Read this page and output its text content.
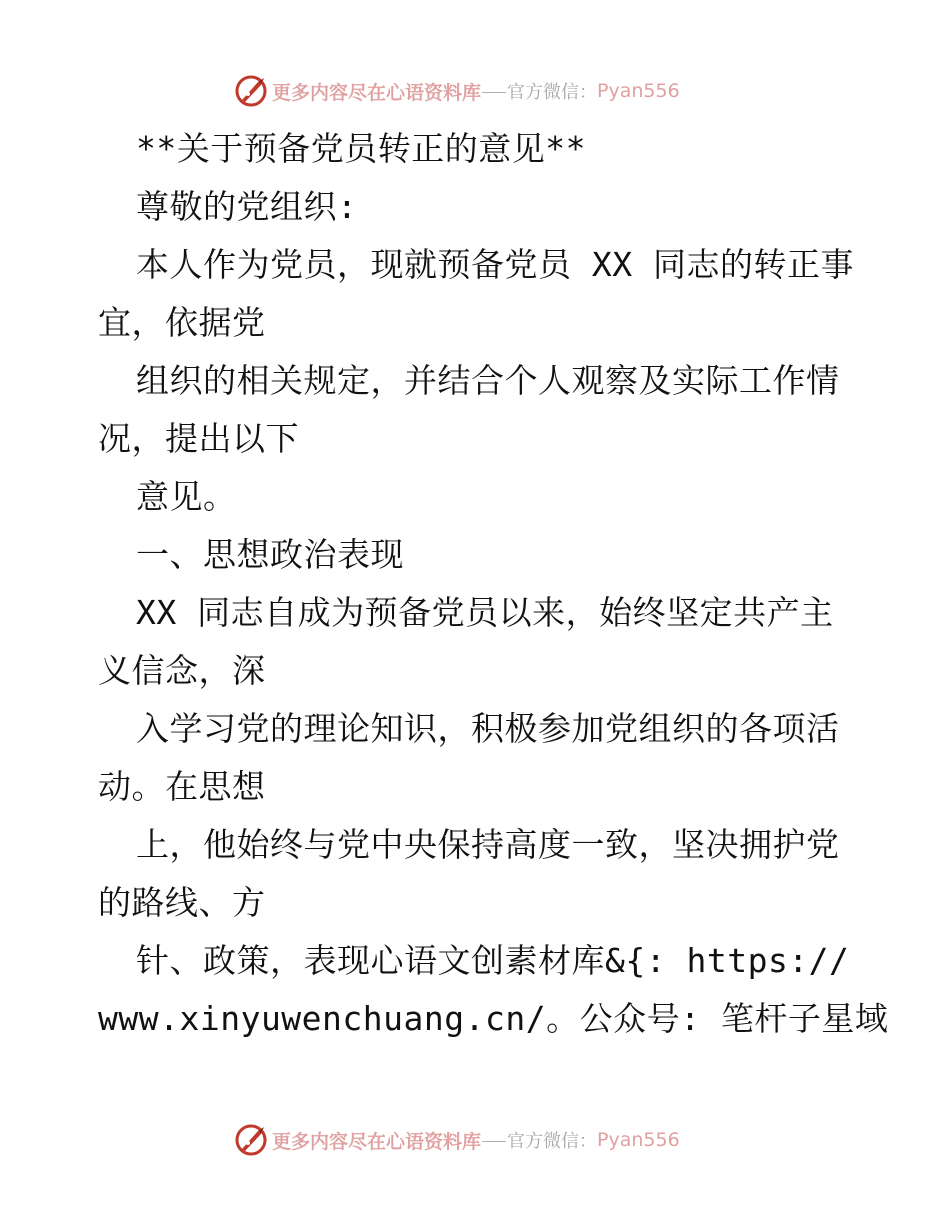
更多内容尽在心语资料库 官方微信： Pyan556
**关于预备党员转正的意见**
尊敬的党组织:
本人作为党员，现就预备党员 XX 同志的转正事
宜，依据党
组织的相关规定，并结合个人观察及实际工作情
况，提出以下
意见。
一、思想政治表现
XX 同志自成为预备党员以来，始终坚定共产主
义信念，深
入学习党的理论知识，积极参加党组织的各项活
动。在思想
上，他始终与党中央保持高度一致，坚决拥护党
的路线、方
针、政策，表现心语文创素材库&{: https://
www.xinyuwenchuang.cn/。公众号: 笔杆子星域
更多内容尽在心语资料库 官方微信： Pyan556
